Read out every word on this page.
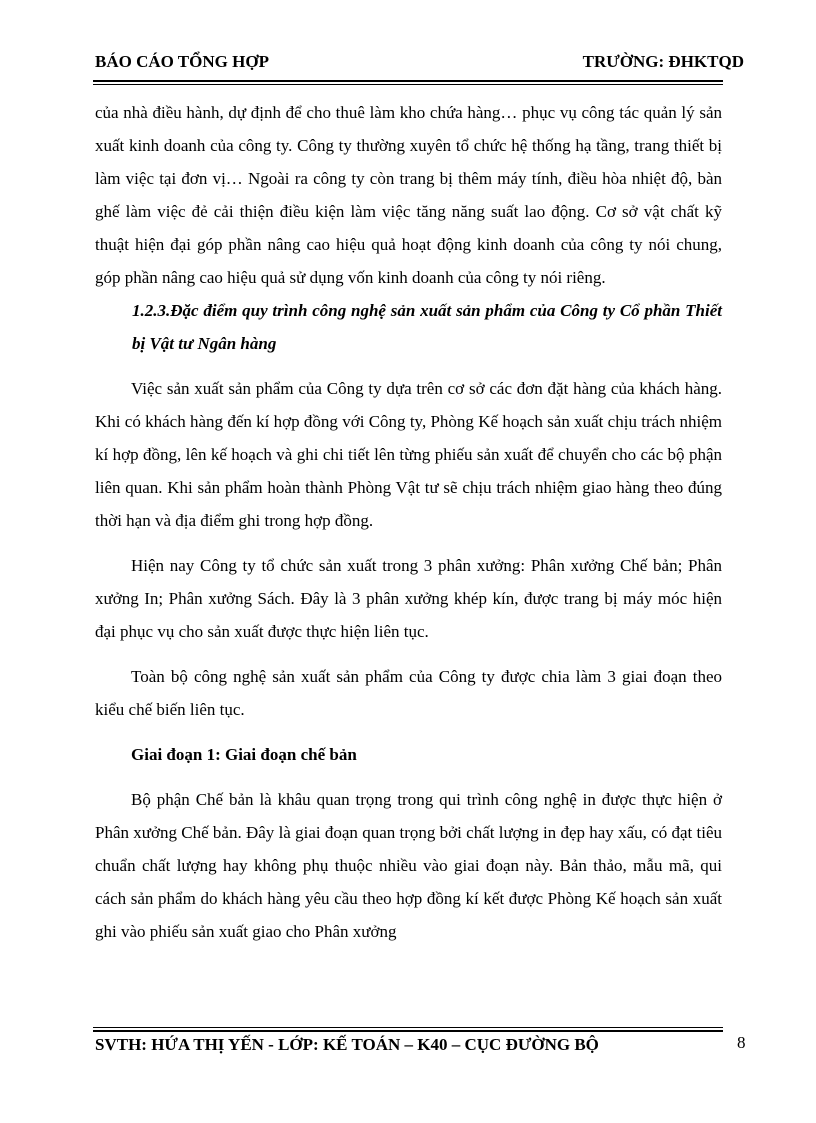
BÁO CÁO TỔNG HỢP	TRƯỜNG: ĐHKTQD

của nhà điều hành, dự định để cho thuê làm kho chứa hàng… phục vụ công tác quản lý sản xuất kinh doanh của công ty. Công ty thường xuyên tổ chức hệ thống hạ tầng, trang thiết bị làm việc tại đơn vị… Ngoài ra công ty còn trang bị thêm máy tính, điều hòa nhiệt độ, bàn ghế làm việc đẻ cải thiện điều kiện làm việc tăng năng suất lao động. Cơ sở vật chất kỹ thuật hiện đại góp phần nâng cao hiệu quả hoạt động kinh doanh của công ty nói chung, góp phần nâng cao hiệu quả sử dụng vốn kinh doanh của công ty nói riêng.

1.2.3.Đặc điểm quy trình công nghệ sản xuất sản phẩm của Công ty Cổ phần Thiết bị Vật tư Ngân hàng

Việc sản xuất sản phẩm của Công ty dựa trên cơ sở các đơn đặt hàng của khách hàng. Khi có khách hàng đến kí hợp đồng với Công ty, Phòng Kế hoạch sản xuất chịu trách nhiệm kí hợp đồng, lên kế hoạch và ghi chi tiết lên từng phiếu sản xuất để chuyển cho các bộ phận liên quan. Khi sản phẩm hoàn thành Phòng Vật tư sẽ chịu trách nhiệm giao hàng theo đúng thời hạn và địa điểm ghi trong hợp đồng.

Hiện nay Công ty tổ chức sản xuất trong 3 phân xưởng: Phân xưởng Chế bản; Phân xưởng In; Phân xưởng Sách. Đây là 3 phân xưởng khép kín, được trang bị máy móc hiện đại phục vụ cho sản xuất được thực hiện liên tục.

Toàn bộ công nghệ sản xuất sản phẩm của Công ty được chia làm 3 giai đoạn theo kiểu chế biến liên tục.

Giai đoạn 1: Giai đoạn chế bản

Bộ phận Chế bản là khâu quan trọng trong qui trình công nghệ in được thực hiện ở Phân xưởng Chế bản. Đây là giai đoạn quan trọng bởi chất lượng in đẹp hay xấu, có đạt tiêu chuẩn chất lượng hay không phụ thuộc nhiều vào giai đoạn này. Bản thảo, mẫu mã, qui cách sản phẩm do khách hàng yêu cầu theo hợp đồng kí kết được Phòng Kế hoạch sản xuất ghi vào phiếu sản xuất giao cho Phân xưởng

SVTH: HỨA THỊ YẾN - LỚP: KẾ TOÁN – K40 – CỤC ĐƯỜNG BỘ	8
